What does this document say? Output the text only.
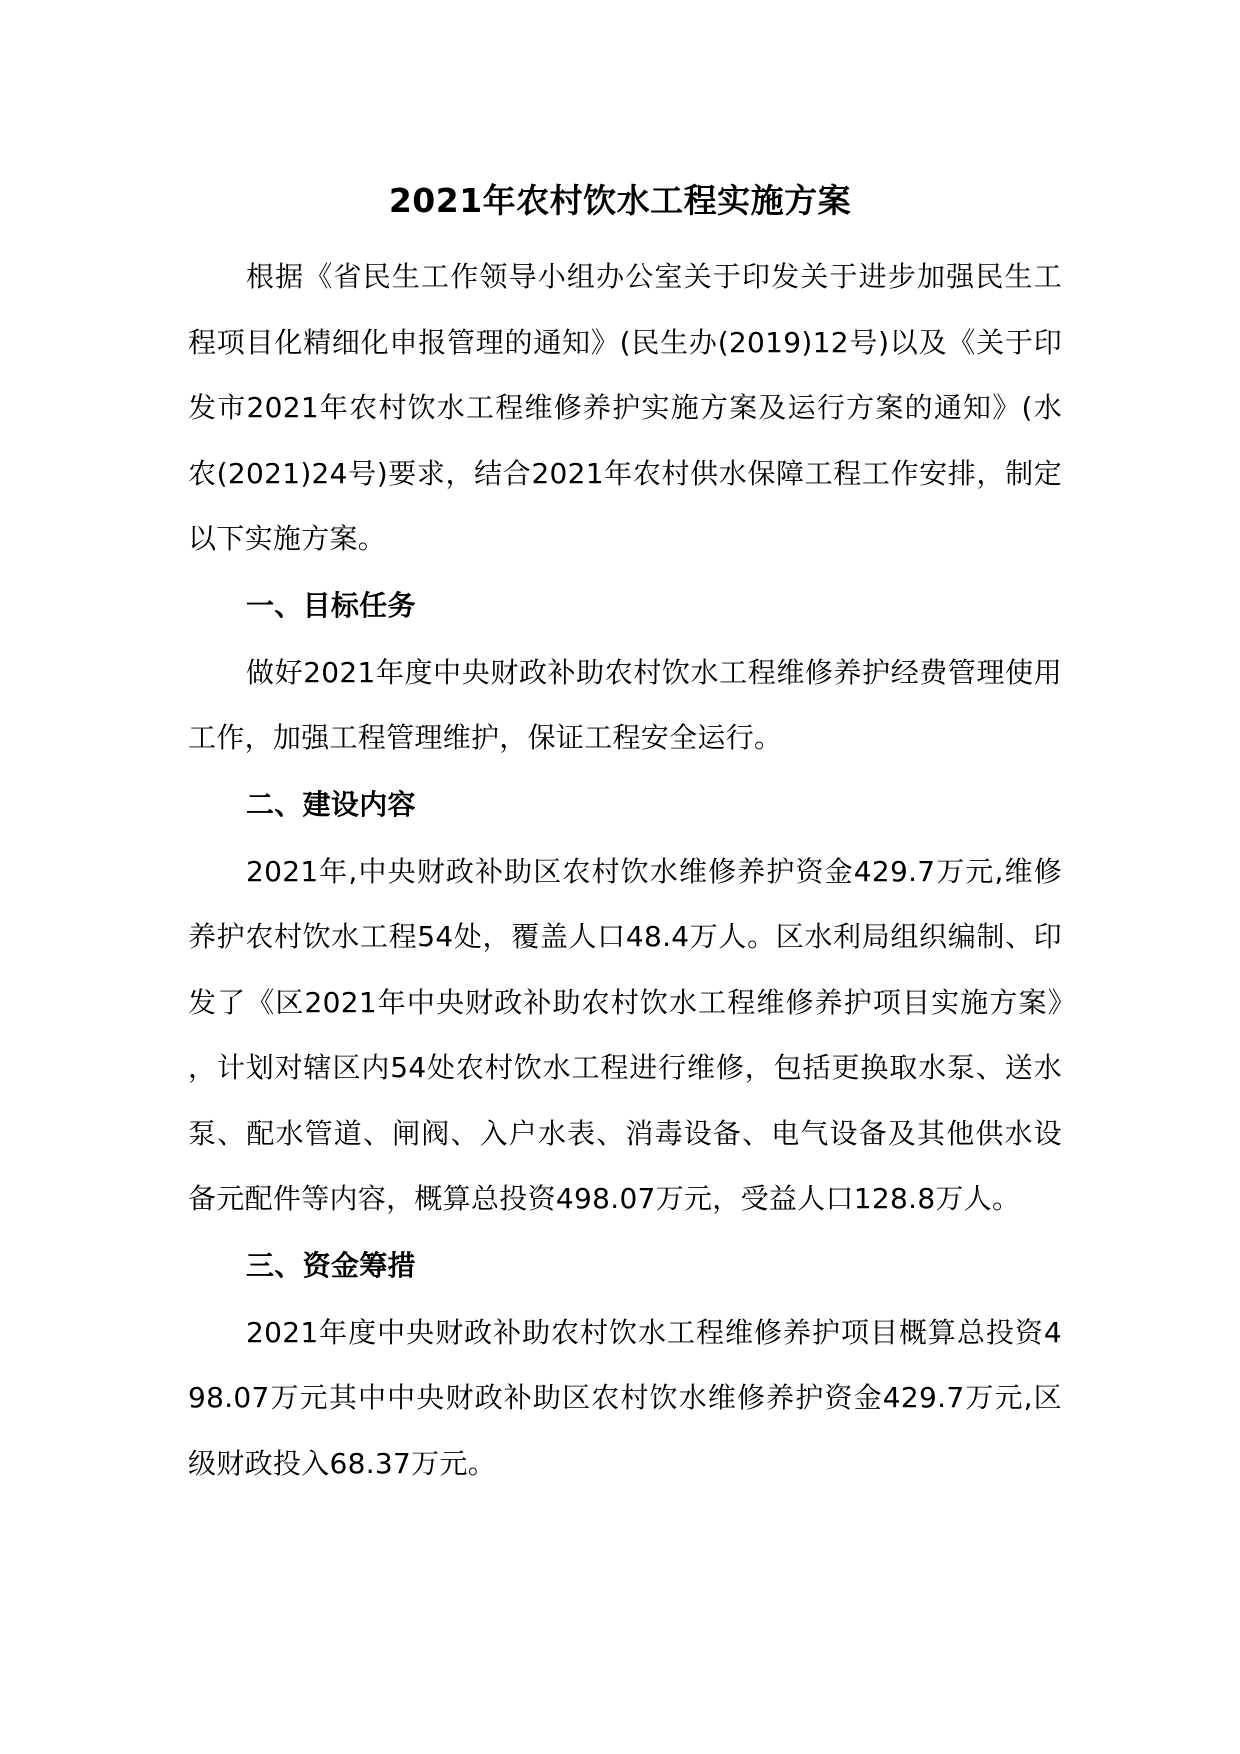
2021年农村饮水工程实施方案

根据《省民生工作领导小组办公室关于印发关于进步加强民生工程项目化精细化申报管理的通知》(民生办(2019)12号)以及《关于印发市2021年农村饮水工程维修养护实施方案及运行方案的通知》(水农(2021)24号)要求，结合2021年农村供水保障工程工作安排，制定以下实施方案。

一、目标任务

做好2021年度中央财政补助农村饮水工程维修养护经费管理使用工作，加强工程管理维护，保证工程安全运行。

二、建设内容

2021年,中央财政补助区农村饮水维修养护资金429.7万元,维修养护农村饮水工程54处，覆盖人口48.4万人。区水利局组织编制、印发了《区2021年中央财政补助农村饮水工程维修养护项目实施方案》，计划对辖区内54处农村饮水工程进行维修，包括更换取水泵、送水泵、配水管道、闸阀、入户水表、消毒设备、电气设备及其他供水设备元配件等内容，概算总投资498.07万元，受益人口128.8万人。

三、资金筹措

2021年度中央财政补助农村饮水工程维修养护项目概算总投资498.07万元其中中央财政补助区农村饮水维修养护资金429.7万元,区级财政投入68.37万元。
